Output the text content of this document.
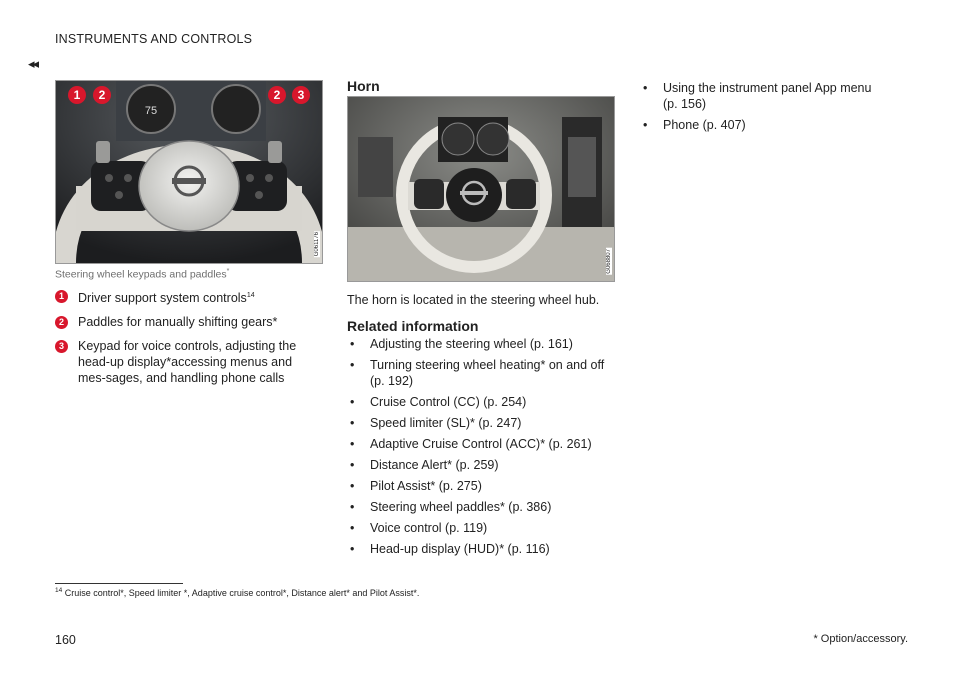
INSTRUMENTS AND CONTROLS
◂◂
75
1	2	2	3
G061176
Steering wheel keypads and paddles*
1	Driver support system controls$^{14}$
2	Paddles for manually shifting gears*
3	Keypad for voice controls, adjusting the head-up display*accessing menus and mes-sages, and handling phone calls
Horn
G068807
The horn is located in the steering wheel hub.
Related information
• Adjusting the steering wheel (p. 161)
• Turning steering wheel heating* on and off (p. 192)
• Cruise Control (CC) (p. 254)
• Speed limiter (SL)* (p. 247)
• Adaptive Cruise Control (ACC)* (p. 261)
• Distance Alert* (p. 259)
• Pilot Assist* (p. 275)
• Steering wheel paddles* (p. 386)
• Voice control (p. 119)
• Head-up display (HUD)* (p. 116)
• Using the instrument panel App menu (p. 156)
• Phone (p. 407)
$^{14}$ Cruise control*, Speed limiter *, Adaptive cruise control*, Distance alert* and Pilot Assist*.
160	* Option/accessory.
